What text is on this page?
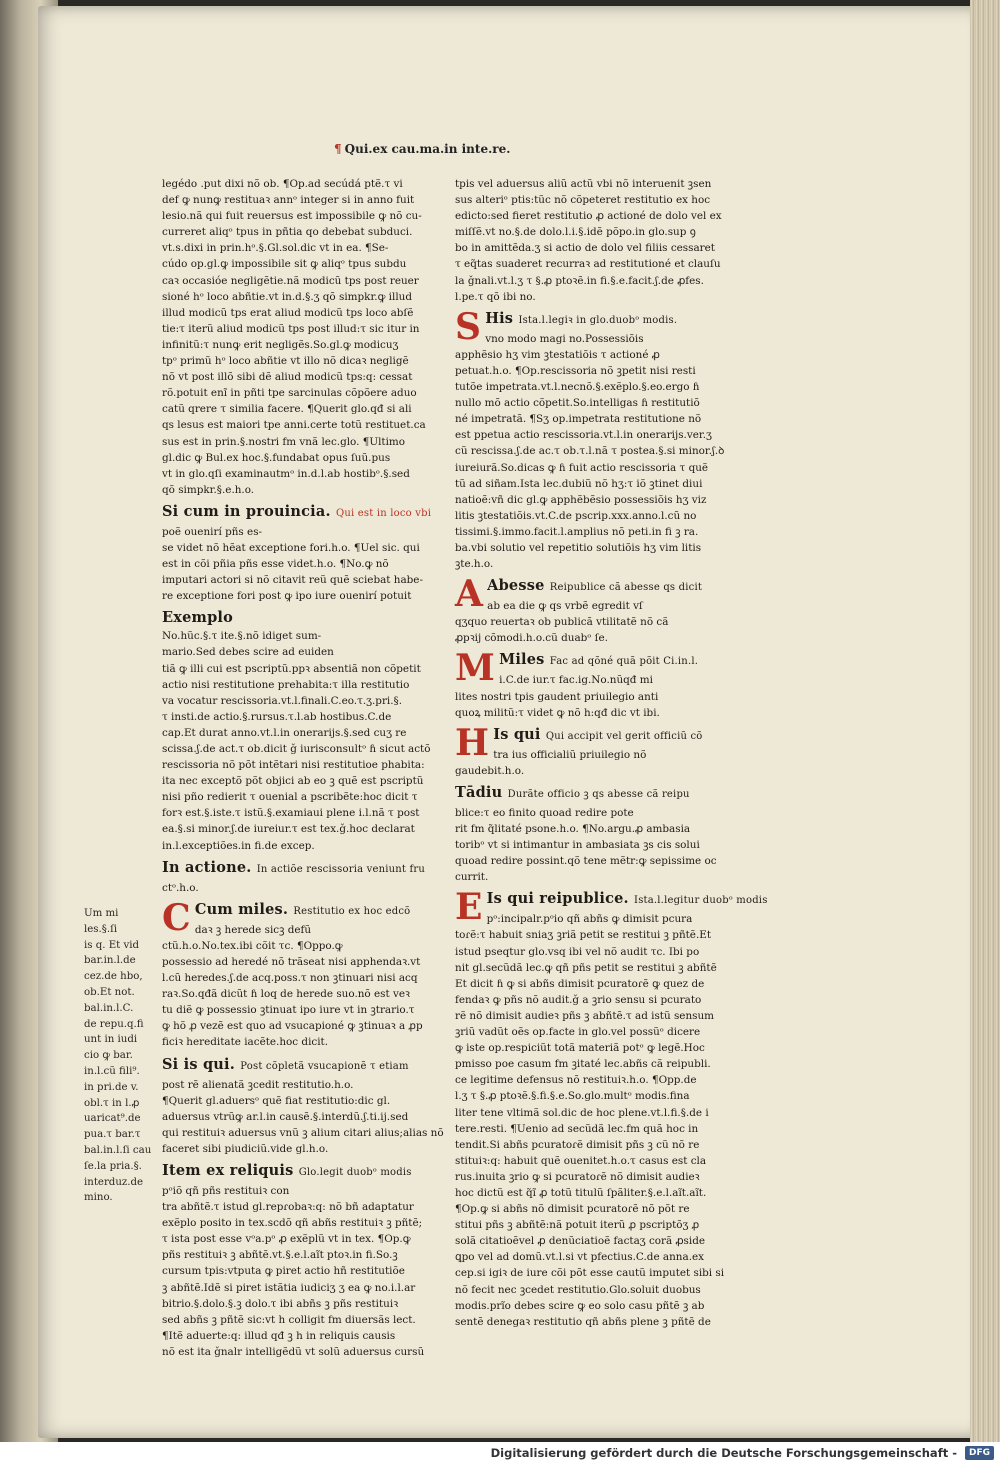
¶ Qui.ex cau.ma.in inte.re.

legédo .put dixi nõ ob. ¶Op.ad secúdá ptẽ.τ vi

def ꝙ nunꝙ restituaꝛ annᵒ integer si in anno fuit

lesio.nã qui fuit reuersus est impossibile ꝙ nõ cu-

curreret aliqᵒ tpus in pñtia qo debebat subduci.

vt.s.dixi in prin.hᵒ.§.Gl.sol.dic vt in ea. ¶Se-

cúdo op.gl.ꝙ impossibile sit ꝙ aliqᵒ tpus subdu

caꝛ occasióe negligẽtie.nã modicũ tps post reuer

sioné hᵒ loco abñtie.vt in.d.§.ʒ qõ simpkr.ꝙ illud

illud modicũ tps erat aliud modicũ tps loco abſẽ

tie:τ iterũ aliud modicũ tps post illud:τ sic itur in

infinitũ:τ nunꝙ erit negligẽs.So.gl.ꝙ modicuʒ

tpᵒ primũ hᵒ loco abñtie vt illo nõ dicaꝛ negligẽ

nõ vt post illõ sibi dẽ aliud modicũ tps:q: cessat

rõ.potuit enĩ in pñti tpe sarcinulas cõpõere aduo

catũ qrere τ similia facere. ¶Querit glo.qđ si ali

qs lesus est maiori tpe anni.certe totũ restituet.ca

sus est in prin.§.nostri fm vnã lec.glo. ¶Ultimo

gl.dic ꝙ Bul.ex hoc.§.fundabat opus ſuũ.pus

vt in glo.qſi examinautmᵒ in.d.l.ab hostibᵒ.§.sed

qõ simpkr.§.e.h.o.

Si cum in prouincia. Qui est in loco vbi

poẽ ouenirí pñs es-

se videt nõ hẽat exceptione fori.h.o. ¶Uel sic. qui

est in cõi pñia pñs esse videt.h.o. ¶No.ꝙ nõ

imputari actori si nõ citavit reũ quẽ sciebat habe-

re exceptione fori post ꝙ ipo iure ouenirí potuit

Exemplo

No.hũc.§.τ ite.§.nõ idiget sum-

mario.Sed debes scire ad euiden

tiã ꝙ illi cui est pscriptũ.ppꝛ absentiã non cõpetit

actio nisi restitutione prehabita:τ illa restitutio

va vocatur rescissoria.vt.l.finali.C.eo.τ.ʒ.pri.§.

τ insti.de actio.§.rursus.τ.l.ab hostibus.C.de

cap.Et durat anno.vt.l.in onerarijs.§.sed cuʒ re

scissa.ʃ.de act.τ ob.dicit ǧ iurisconsultᵒ ɦ sicut actõ

rescissoria nõ põt intẽtari nisi restitutioe phabita:

ita nec exceptõ põt objici ab eo ꝫ quẽ est pscriptũ

nisi pño redierit τ ouenial a pscribẽte:hoc dicit τ

forꝛ est.§.iste.τ istũ.§.examiaui plene i.l.nã τ post

ea.§.si minor.ʃ.de iureiur.τ est tex.ǧ.hoc declarat

in.l.exceptiões.in fi.de excep.

In actione. In actiõe rescissoria veniunt fru

ctᵒ.h.o.

C Cum miles. Restitutio ex hoc edcõ

daꝛ ꝫ herede sicꝫ defũ

ctũ.h.o.No.tex.ibi cõit τc. ¶Oppo.ꝙ

possessio ad heredé nõ trãseat nisi apphendaꝛ.vt

l.cũ heredes.ʃ.de acq.poss.τ non ꝫtinuari nisi acq

raꝛ.So.qđã dicũt ɦ loq de herede suo.nõ est veꝛ

tu diẽ ꝙ possessio ꝫtinuat ipo iure vt in ꝫtrario.τ

ꝙ hõ ꝓ vezẽ est quo ad vsucapioné ꝙ ꝫtinuaꝛ a ꝓp

ficiꝛ hereditate iacẽte.hoc dicit.

Si is qui. Post cõpletã vsucapionẽ τ etiam

post rẽ alienatã ꝫcedit restitutio.h.o.

¶Querit gl.aduersᵒ quẽ fiat restitutio:dic gl.

aduersus vtrũꝙ ar.l.in causẽ.§.interdũ.ʃ.ti.ij.sed

qui restituiꝛ aduersus vnũ ꝫ alium citari alius;alias nõ

faceret sibi piudiciũ.vide gl.h.o.

Item ex reliquis Glo.legit duobᵒ modis

pᵒiõ qñ pñs restituiꝛ con

tra abñtẽ.τ istud gl.repɾobaꝛ:q: nõ bñ adaptatur

exẽplo posito in tex.scdõ qñ abñs restituiꝛ ꝫ pñtẽ;

τ ista post esse vᵒa.pᵒ ꝓ exẽplũ vt in tex. ¶Op.ꝙ

pñs restituiꝛ ꝫ abñtẽ.vt.§.e.l.aĩt ptoꝛ.in fi.So.ꝫ

cursum tpis:vtputa ꝙ piret actio hñ restitutiõe

ꝫ abñtẽ.Idẽ si piret istãtia iudiciʒ ʒ ea ꝙ no.i.l.ar

bitrio.§.dolo.§.ꝫ dolo.τ ibi abñs ꝫ pñs restituiꝛ

sed abñs ꝫ pñtẽ sic:vt h colligit fm diuersãs lect.

¶Itẽ aduerte:q: illud qđ ꝫ h in reliquis causis

nõ est ita ǧnalr intelligẽdũ vt solũ aduersus cursũ

tpis vel aduersus aliũ actũ vbi nõ interuenit ꝫsen

sus alteriᵒ ptis:tũc nõ cõpeteret restitutio ex hoc

edicto:sed fieret restitutio ꝓ actioné de dolo vel ex

miſſẽ.vt no.§.de dolo.l.i.§.idẽ põpo.in glo.sup ꝯ

bo in amittẽda.ʒ si actio de dolo vel filiis cessaret

τ eq̃tas suaderet recurraꝛ ad restitutioné et clauſu

la ǧnali.vt.l.ʒ τ §.ꝓ ptoꝛẽ.in fi.§.e.facit.ʃ.de ꝓfes.

l.pe.τ qõ ibi no.

S His Ista.l.legiꝛ in glo.duobᵒ modis.

vno modo magi no.Possessiõis

apphẽsio hʒ vim ꝫtestatiõis τ actioné ꝓ

petuat.h.o. ¶Op.rescissoria nõ ꝫpetit nisi resti

tutõe impetrata.vt.l.necnõ.§.exẽplo.§.eo.ergo ɦ

nullo mõ actio cõpetit.So.intelligas ɦ restitutiõ

né impetratã. ¶Sʒ op.impetrata restitutione nõ

est ppetua actio rescissoria.vt.l.in onerarijs.ver.ʒ

cũ rescissa.ʃ.de ac.τ ob.τ.l.nã τ postea.§.si minor.ʃ.ꝺ

iureiurã.So.dicas ꝙ ɦ fuit actio rescissoria τ quẽ

tũ ad siñam.Ista lec.dubiũ nõ hʒ:τ iõ ꝫtinet diui

natioẽ:vñ dic gl.ꝙ apphẽbẽsio possessiõis hʒ viz

litis ꝫtestatiõis.vt.C.de pscrip.xxx.anno.l.cũ no

tissimi.§.immo.facit.l.amplius nõ peti.in fi ꝫ ra.

ba.vbi solutio vel repetitio solutiõis hʒ vim litis

ꝫte.h.o.

A Abesse Reipublice cã abesse qs dicit

ab ea die ꝙ qs vrbẽ egredit vſ

qʒquo reuertaꝛ ob publicã vtilitatẽ nõ cã

ꝓpꝛij cõmodi.h.o.cũ duabᵒ ſe.

M Miles Fac ad qõné quã põit Ci.in.l.

i.C.de iur.τ fac.ig.No.nũqđ mi

lites nostri tpis gaudent priuilegio anti

quoꝝ militũ:τ videt ꝙ nõ h:qđ dic vt ibi.

H Is qui Qui accipit vel gerit officiũ cõ

tra ius officialiũ priuilegio nõ

gaudebit.h.o.

Tādiu Durãte officio ꝫ qs abesse cã reipu

blice:τ eo finito quoad redire pote

rit fm q̃litaté psone.h.o. ¶No.argu.ꝓ ambasia

toribᵒ vt si intimantur in ambasiata ꝫs cis solui

quoad redire possint.qõ tene mẽtr:ꝙ sepissime oc

currit.

E Is qui reipublice. Ista.l.legitur duobᵒ modis

pᵒ:incipalr.pᵒio qñ abñs ꝙ dimisit pcura

toɾẽ:τ habuit sniaʒ ꝫriã petit se restitui ꝫ pñtẽ.Et

istud pseqtur glo.vsq ibi vel nõ audit τc. Ibi po

nit gl.secũdã lec.ꝙ qñ pñs petit se restitui ꝫ abñtẽ

Et dicit ɦ ꝙ si abñs dimisit pcuratoɾẽ ꝙ quez de

fendaꝛ ꝙ pñs nõ audit.ǧ a ꝫrio sensu si pcurato

rẽ nõ dimisit audieꝛ pñs ꝫ abñtẽ.τ ad istũ sensum

ꝫriũ vadũt oẽs op.facte in glo.vel possũᵒ dicere

ꝙ iste op.respiciũt totã materiã potᵒ ꝙ legẽ.Hoc

pmisso poe casum fm ꝫitaté lec.abñs cã reipubli.

ce legitime defensus nõ restituiꝛ.h.o. ¶Opp.de

l.ʒ τ §.ꝓ ptoꝛẽ.§.fi.§.e.So.glo.multᵒ modis.fina

liter tene vltimã sol.dic de hoc plene.vt.l.fi.§.de i

tere.resti. ¶Uenio ad secũdã lec.fm quã hoc in

tendit.Si abñs pcuratoɾẽ dimisit pñs ꝫ cũ nõ re

stituiꝛ:q: habuit quẽ ouenitet.h.o.τ casus est cla

rus.inuita ꝫrio ꝙ si pcuratoɾẽ nõ dimisit audieꝛ

hoc dictũ est q̃ĩ ꝓ totũ titulũ ſpãliter.§.e.l.aĩt.aĩt.

¶Op.ꝙ si abñs nõ dimisit pcuratoɾẽ nõ põt re

stitui pñs ꝫ abñtẽ:nã potuit iterũ ꝓ pscriptõʒ ꝓ

solã citatioẽvel ꝓ denũciatioẽ factaʒ corã ꝓside

ꝗpo vel ad domũ.vt.l.si vt pfectius.C.de anna.ex

cep.si igiꝛ de iure cõi põt esse cautũ imputet sibi si

nõ fecit nec ꝫcedet restitutio.Glo.soluit duobus

modis.prĩo debes scire ꝙ eo solo casu pñtẽ ꝫ ab

sentẽ denegaꝛ restitutio qñ abñs plene ꝫ pñtẽ de

Um mi

les.§.ſi

is q. Et vid

bar.in.l.de

cez.de hbo,

ob.Et not.

bal.in.l.C.

de repu.q.fi

unt in iudi

cio ꝙ bar.

in.l.cũ fili⁹.

in pri.de v.

obl.τ in l.ꝓ

uaricat⁹.de

pua.τ bar.τ

bal.in.l.ſi cau

ſe.la pria.§.

interduz.de

mino.

Digitalisierung gefördert durch die Deutsche Forschungsgemeinschaft -	DFG
